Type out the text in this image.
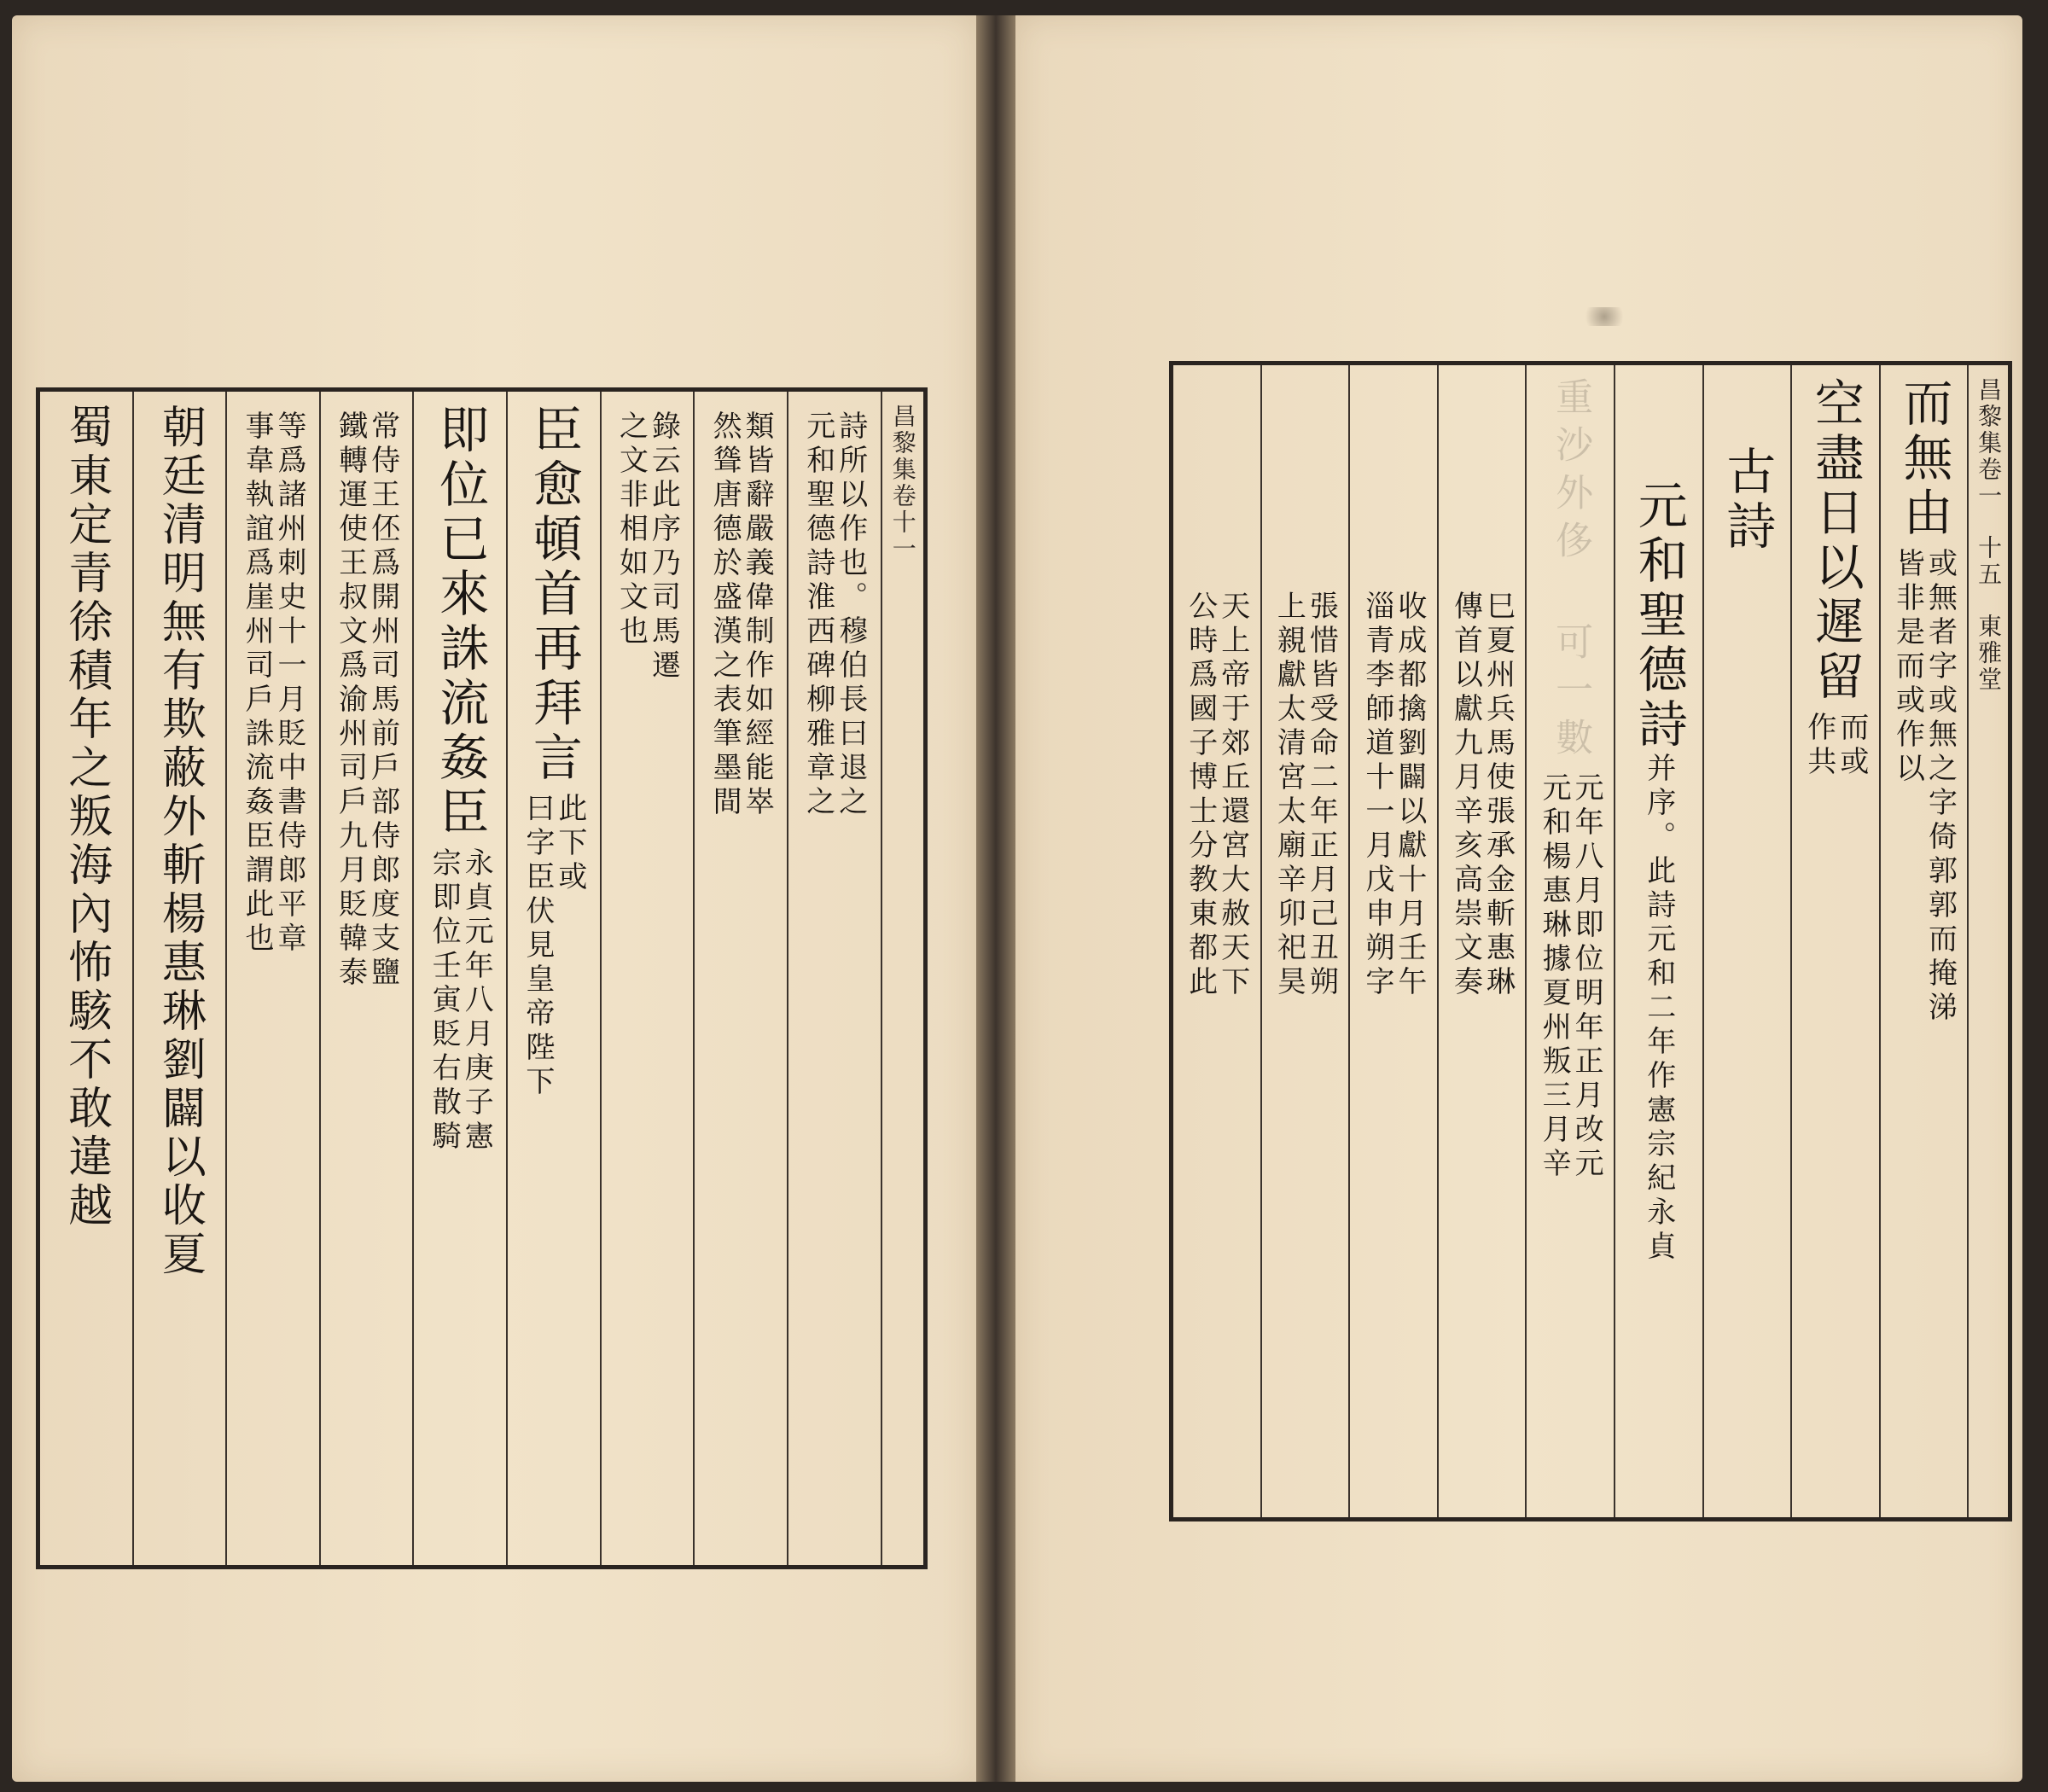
昌黎集卷十一
詩所以作也。穆伯長曰退之
元和聖德詩淮西碑柳雅章之
類皆辭嚴義偉制作如經能崒
然聳唐德於盛漢之表筆墨間
錄云此序乃司馬遷
之文非相如文也
臣愈頓首再拜言
此下或
曰字臣伏見皇帝陛下
即位已來誅流姦臣
永貞元年八月庚子憲
宗即位壬寅貶右散騎
常侍王伾爲開州司馬前戶部侍郎度支鹽
鐵轉運使王叔文爲渝州司戶九月貶韓泰
等爲諸州刺史十一月貶中書侍郎平章
事韋執誼爲崖州司戶誅流姦臣謂此也
朝廷清明無有欺蔽外斬楊惠琳劉闢以收夏
蜀東定青徐積年之叛海內怖駭不敢違越	昌黎集卷一
十五
東雅堂
而無由
或無者字或無之字倚郭郭而掩涕
皆非是而或作以
空盡日以遲留
而或
作共
古詩
元和聖德詩
并序。此詩元和二年作憲宗紀永貞
重沙外侈 可一數
元年八月即位明年正月改元
元和楊惠琳據夏州叛三月辛
巳夏州兵馬使張承金斬惠琳
傳首以獻九月辛亥高崇文奏
收成都擒劉闢以獻十月壬午
淄青李師道十一月戊申朔字
張惜皆受命二年正月己丑朔
上親獻太清宮太廟辛卯祀昊
天上帝于郊丘還宮大赦天下
公時爲國子博士分教東都此
